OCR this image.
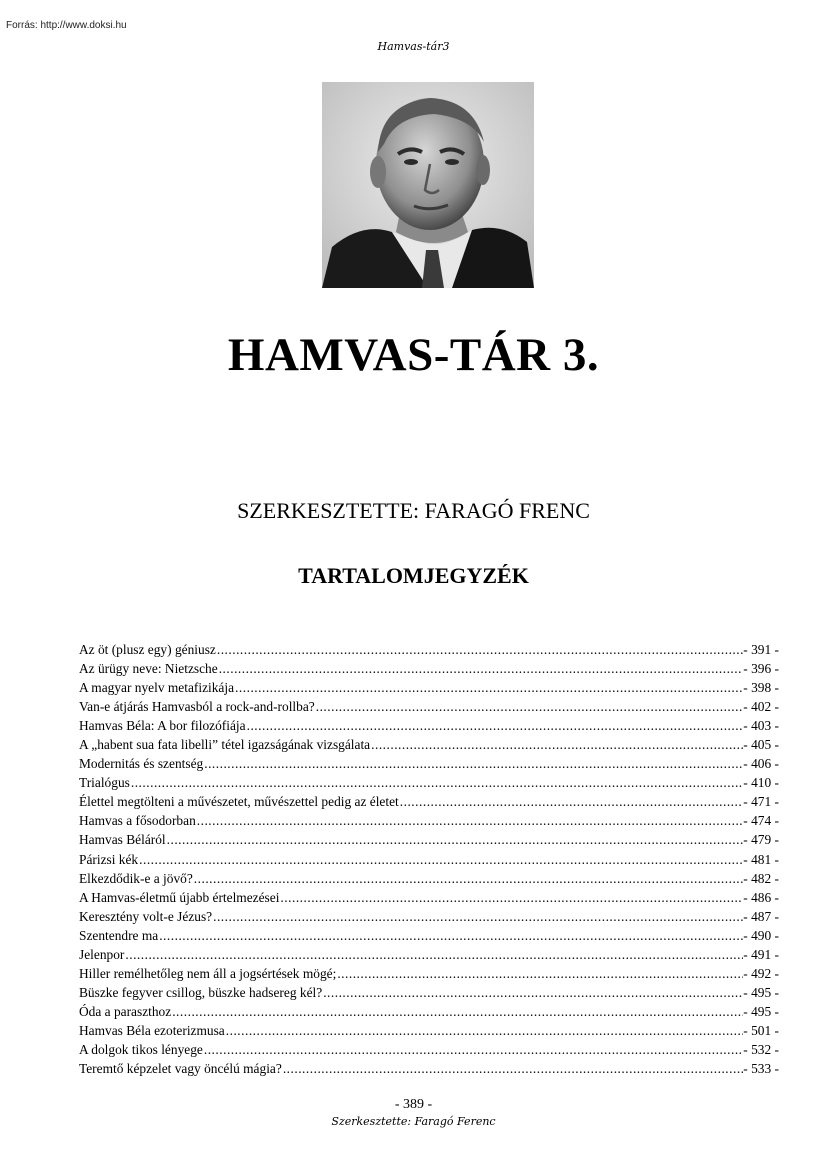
Forrás: http://www.doksi.hu
Hamvas-tár3
HAMVAS-TÁR 3.
SZERKESZTETTE: FARAGÓ FRENC
TARTALOMJEGYZÉK
Az öt (plusz egy) géniusz .....	- 391 -
Az ürügy neve: Nietzsche .....	- 396 -
A magyar nyelv metafizikája .....	- 398 -
Van-e átjárás Hamvasból a rock-and-rollba? .....	- 402 -
Hamvas Béla: A bor filozófiája .....	- 403 -
A „habent sua fata libelli” tétel igazságának vizsgálata .....	- 405 -
Modernitás és szentség .....	- 406 -
Trialógus .....	- 410 -
Élettel megtölteni a művészetet, művészettel pedig az életet .....	- 471 -
Hamvas a fősodorban .....	- 474 -
Hamvas Béláról .....	- 479 -
Párizsi kék .....	- 481 -
Elkezdődik-e a jövő? .....	- 482 -
A Hamvas-életmű újabb értelmezései .....	- 486 -
Keresztény volt-e Jézus? .....	- 487 -
Szentendre ma .....	- 490 -
Jelenpor .....	- 491 -
Hiller remélhetőleg nem áll a jogsértések mögé; .....	- 492 -
Büszke fegyver csillog, büszke hadsereg kél? .....	- 495 -
Óda a paraszthoz .....	- 495 -
Hamvas Béla ezoterizmusa .....	- 501 -
A dolgok tikos lényege .....	- 532 -
Teremtő képzelet vagy öncélú mágia? .....	- 533 -
- 389 -
Szerkesztette: Faragó Ferenc
